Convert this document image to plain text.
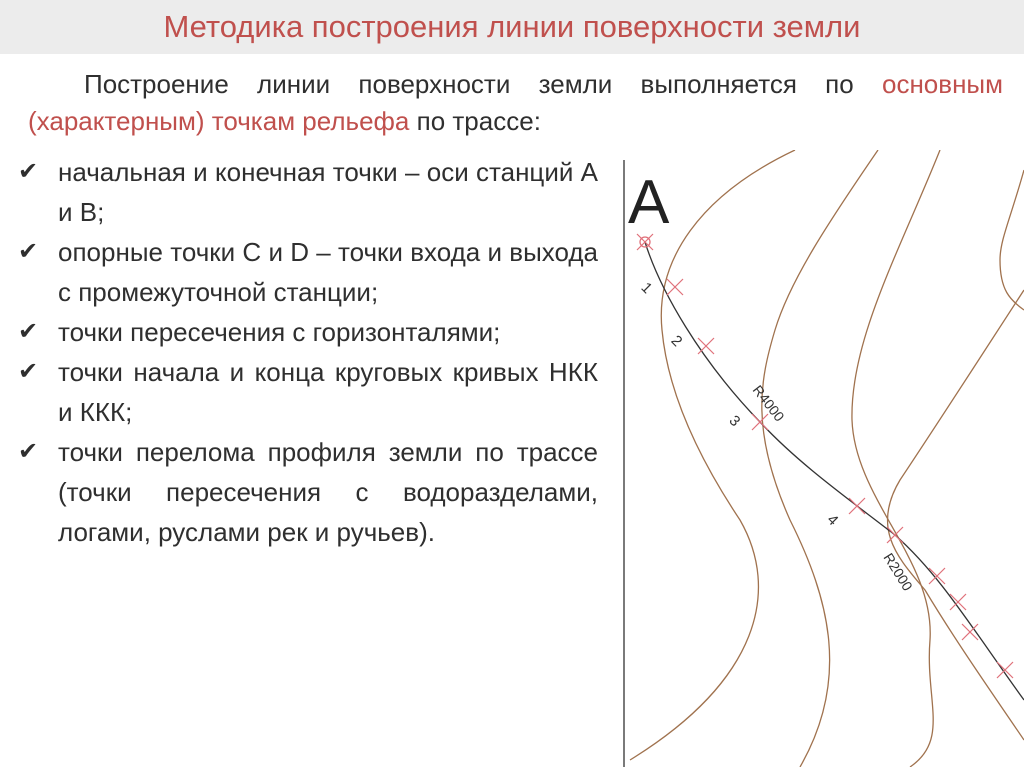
Методика построения линии поверхности земли
Построение линии поверхности земли выполняется по основным (характерным) точкам рельефа по трассе:
✔ начальная и конечная точки – оси станций А и В;
✔ опорные точки С и D – точки входа и выхода с промежуточной станции;
✔ точки пересечения с горизонталями;
✔ точки начала и конца круговых кривых НКК и ККК;
✔ точки перелома профиля земли по трассе (точки пересечения с водоразделами, логами, руслами рек и ручьев).
A
1
2
3
4
R4000
R2000
